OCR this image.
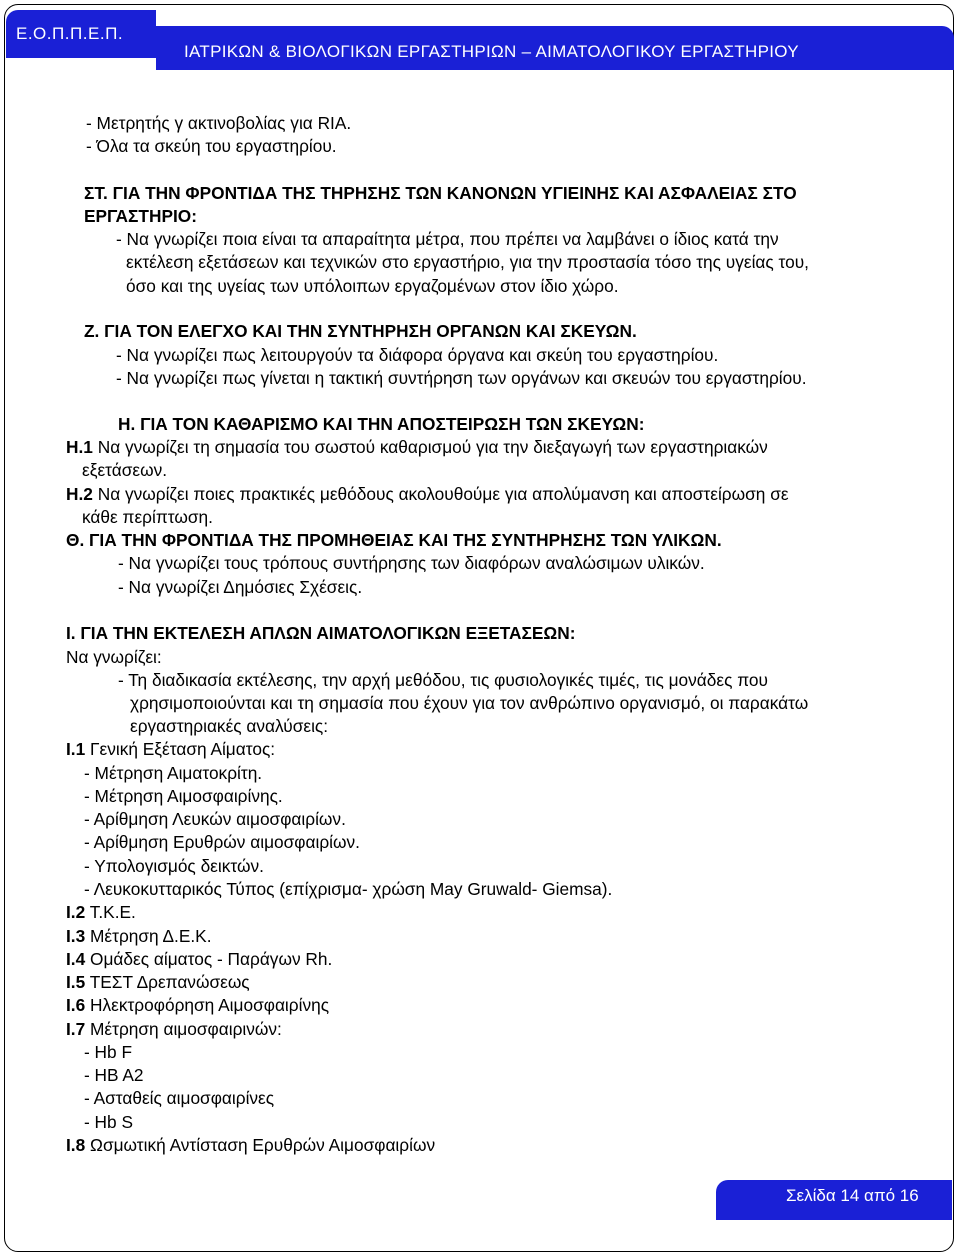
Ε.Ο.Π.Π.Ε.Π.
ΙΑΤΡΙΚΩΝ & ΒΙΟΛΟΓΙΚΩΝ ΕΡΓΑΣΤΗΡΙΩΝ – ΑΙΜΑΤΟΛΟΓΙΚΟΥ ΕΡΓΑΣΤΗΡΙΟΥ
- Μετρητής γ ακτινοβολίας για RIA.
- Όλα τα σκεύη του εργαστηρίου.
ΣΤ. ΓΙΑ ΤΗΝ ΦΡΟΝΤΙΔΑ ΤΗΣ ΤΗΡΗΣΗΣ ΤΩΝ ΚΑΝΟΝΩΝ ΥΓΙΕΙΝΗΣ ΚΑΙ ΑΣΦΑΛΕΙΑΣ ΣΤΟ
ΕΡΓΑΣΤΗΡΙΟ:
- Να γνωρίζει ποια είναι τα απαραίτητα μέτρα, που πρέπει να λαμβάνει ο ίδιος κατά την
εκτέλεση εξετάσεων και τεχνικών στο εργαστήριο, για την προστασία τόσο της υγείας του,
όσο και της υγείας των υπόλοιπων εργαζομένων στον ίδιο χώρο.
Ζ. ΓΙΑ ΤΟΝ ΕΛΕΓΧΟ ΚΑΙ ΤΗΝ ΣΥΝΤΗΡΗΣΗ ΟΡΓΑΝΩΝ ΚΑΙ ΣΚΕΥΩΝ.
- Να γνωρίζει πως λειτουργούν τα διάφορα όργανα και σκεύη του εργαστηρίου.
- Να γνωρίζει πως γίνεται η τακτική συντήρηση των οργάνων και σκευών του εργαστηρίου.
Η. ΓΙΑ ΤΟΝ ΚΑΘΑΡΙΣΜΟ ΚΑΙ ΤΗΝ ΑΠΟΣΤΕΙΡΩΣΗ ΤΩΝ ΣΚΕΥΩΝ:
Η.1 Να γνωρίζει τη σημασία του σωστού καθαρισμού για την διεξαγωγή των εργαστηριακών
εξετάσεων.
Η.2 Να γνωρίζει ποιες πρακτικές μεθόδους ακολουθούμε για απολύμανση και αποστείρωση σε
κάθε περίπτωση.
Θ. ΓΙΑ ΤΗΝ ΦΡΟΝΤΙΔΑ ΤΗΣ ΠΡΟΜΗΘΕΙΑΣ ΚΑΙ ΤΗΣ ΣΥΝΤΗΡΗΣΗΣ ΤΩΝ ΥΛΙΚΩΝ.
- Να γνωρίζει τους τρόπους συντήρησης των διαφόρων αναλώσιμων υλικών.
- Να γνωρίζει Δημόσιες Σχέσεις.
Ι. ΓΙΑ ΤΗΝ ΕΚΤΕΛΕΣΗ ΑΠΛΩΝ ΑΙΜΑΤΟΛΟΓΙΚΩΝ ΕΞΕΤΑΣΕΩΝ:
Να γνωρίζει:
- Τη διαδικασία εκτέλεσης, την αρχή μεθόδου, τις φυσιολογικές τιμές, τις μονάδες που
χρησιμοποιούνται και τη σημασία που έχουν για τον ανθρώπινο οργανισμό, οι παρακάτω
εργαστηριακές αναλύσεις:
Ι.1 Γενική Εξέταση Αίματος:
- Μέτρηση Αιματοκρίτη.
- Μέτρηση Αιμοσφαιρίνης.
- Αρίθμηση Λευκών αιμοσφαιρίων.
- Αρίθμηση Ερυθρών αιμοσφαιρίων.
- Υπολογισμός δεικτών.
- Λευκοκυτταρικός Τύπος (επίχρισμα- χρώση May Gruwald- Giemsa).
Ι.2 Τ.Κ.Ε.
Ι.3 Μέτρηση Δ.Ε.Κ.
Ι.4 Ομάδες αίματος - Παράγων Rh.
Ι.5 ΤΕΣΤ Δρεπανώσεως
Ι.6 Ηλεκτροφόρηση Αιμοσφαιρίνης
Ι.7 Μέτρηση αιμοσφαιρινών:
- Hb F
- HB A2
- Ασταθείς αιμοσφαιρίνες
- Hb S
Ι.8 Ωσμωτική Αντίσταση Ερυθρών Αιμοσφαιρίων
Σελίδα 14 από 16
